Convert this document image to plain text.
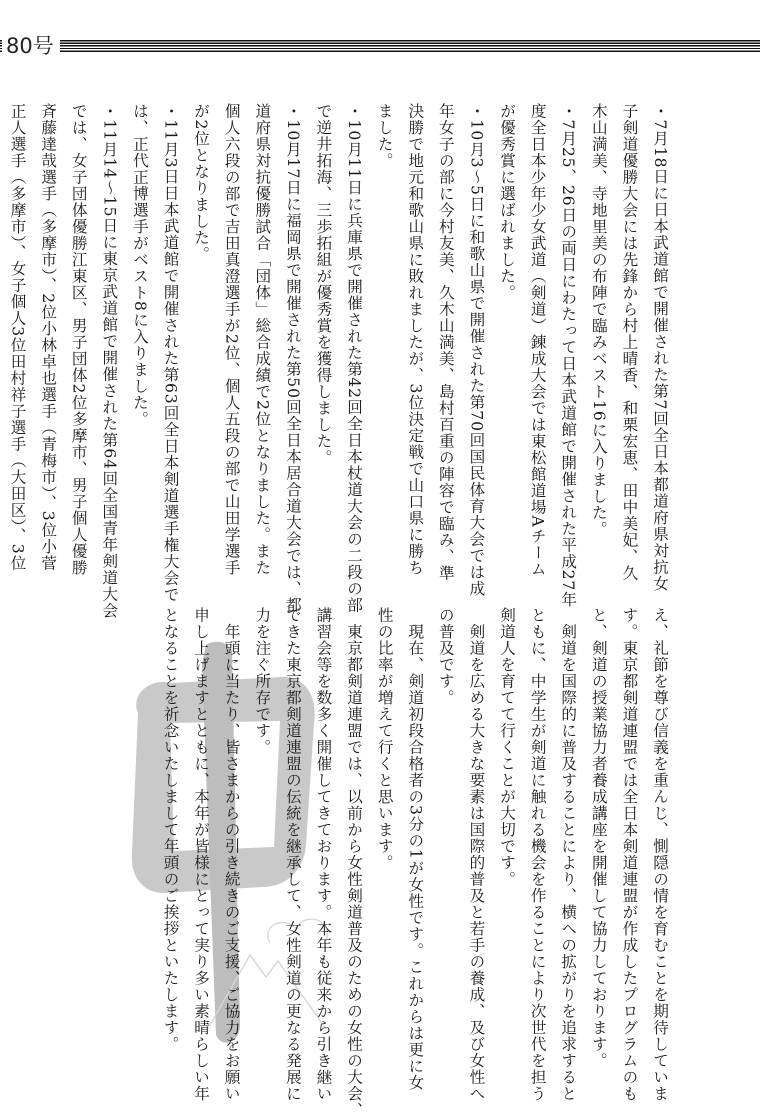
80号
・7月18日に日本武道館で開催された第7回全日本都道府県対抗女
子剣道優勝大会には先鋒から村上晴香、和栗宏恵、田中美妃、久
木山満美、寺地里美の布陣で臨みベスト16に入りました。
・7月25、26日の両日にわたって日本武道館で開催された平成27年
度全日本少年少女武道（剣道）錬成大会では東松館道場Aチーム
が優秀賞に選ばれました。
・10月3～5日に和歌山県で開催された第70回国民体育大会では成
年女子の部に今村友美、久木山満美、島村百重の陣容で臨み、準
決勝で地元和歌山県に敗れましたが、3位決定戦で山口県に勝ち
ました。
・10月11日に兵庫県で開催された第42回全日本杖道大会の二段の部
で逆井拓海、三歩拓組が優秀賞を獲得しました。
・10月17日に福岡県で開催された第50回全日本居合道大会では、都
道府県対抗優勝試合「団体」総合成績で2位となりました。また
個人六段の部で吉田真澄選手が2位、個人五段の部で山田学選手
が2位となりました。
・11月3日日本武道館で開催された第63回全日本剣道選手権大会で
は、正代正博選手がベスト8に入りました。
・11月14～15日に東京武道館で開催された第64回全国青年剣道大会
では、女子団体優勝江東区、男子団体2位多摩市、男子個人優勝
斉藤達哉選手（多摩市）、2位小林卓也選手（青梅市）、3位小菅
正人選手（多摩市）、女子個人3位田村祥子選手（大田区）、3位
え、礼節を尊び信義を重んじ、惻隠の情を育むことを期待していま
す。東京都剣道連盟では全日本剣道連盟が作成したプログラムのも
と、剣道の授業協力者養成講座を開催して協力しております。
　剣道を国際的に普及することにより、横への拡がりを追求すると
ともに、中学生が剣道に触れる機会を作ることにより次世代を担う
剣道人を育てて行くことが大切です。
　剣道を広める大きな要素は国際的普及と若手の養成、及び女性へ
の普及です。
　現在、剣道初段合格者の3分の1が女性です。これからは更に女
性の比率が増えて行くと思います。
　東京都剣道連盟では、以前から女性剣道普及のための女性の大会、
講習会等を数多く開催してきております。本年も従来から引き継い
できた東京都剣道連盟の伝統を継承して、女性剣道の更なる発展に
力を注ぐ所存です。
　年頭に当たり、皆さまからの引き続きのご支援、ご協力をお願い
申し上げますとともに、本年が皆様にとって実り多い素晴らしい年
となることを祈念いたしまして年頭のご挨拶といたします。
